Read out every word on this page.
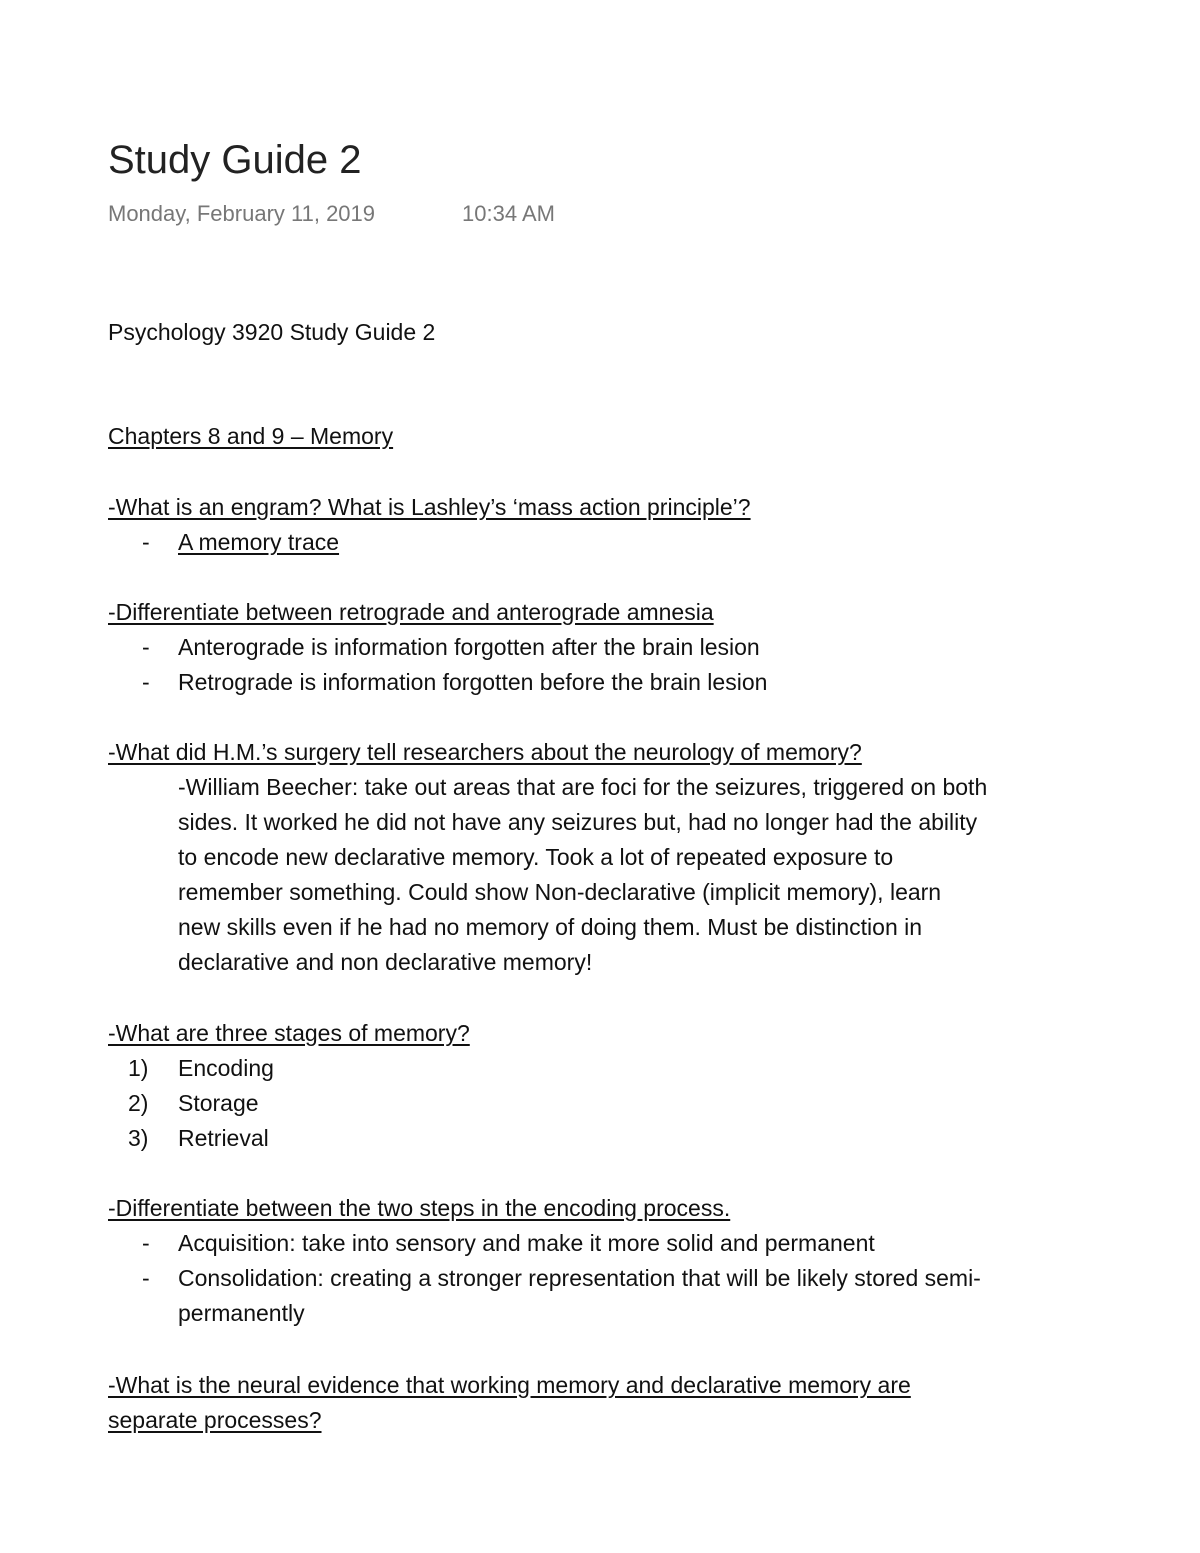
Study Guide 2
Monday, February 11, 2019	10:34 AM
Psychology 3920 Study Guide 2
Chapters 8 and 9 – Memory
-What is an engram? What is Lashley’s ‘mass action principle’?
-	A memory trace
-Differentiate between retrograde and anterograde amnesia
-	Anterograde is information forgotten after the brain lesion
-	Retrograde is information forgotten before the brain lesion
-What did H.M.’s surgery tell researchers about the neurology of memory?
-William Beecher: take out areas that are foci for the seizures, triggered on both
sides. It worked he did not have any seizures but, had no longer had the ability
to encode new declarative memory. Took a lot of repeated exposure to
remember something. Could show Non-declarative (implicit memory), learn
new skills even if he had no memory of doing them. Must be distinction in
declarative and non declarative memory!
-What are three stages of memory?
1) Encoding
2) Storage
3) Retrieval
-Differentiate between the two steps in the encoding process.
-	Acquisition: take into sensory and make it more solid and permanent
-	Consolidation: creating a stronger representation that will be likely stored semi-
permanently
-What is the neural evidence that working memory and declarative memory are
separate processes?
